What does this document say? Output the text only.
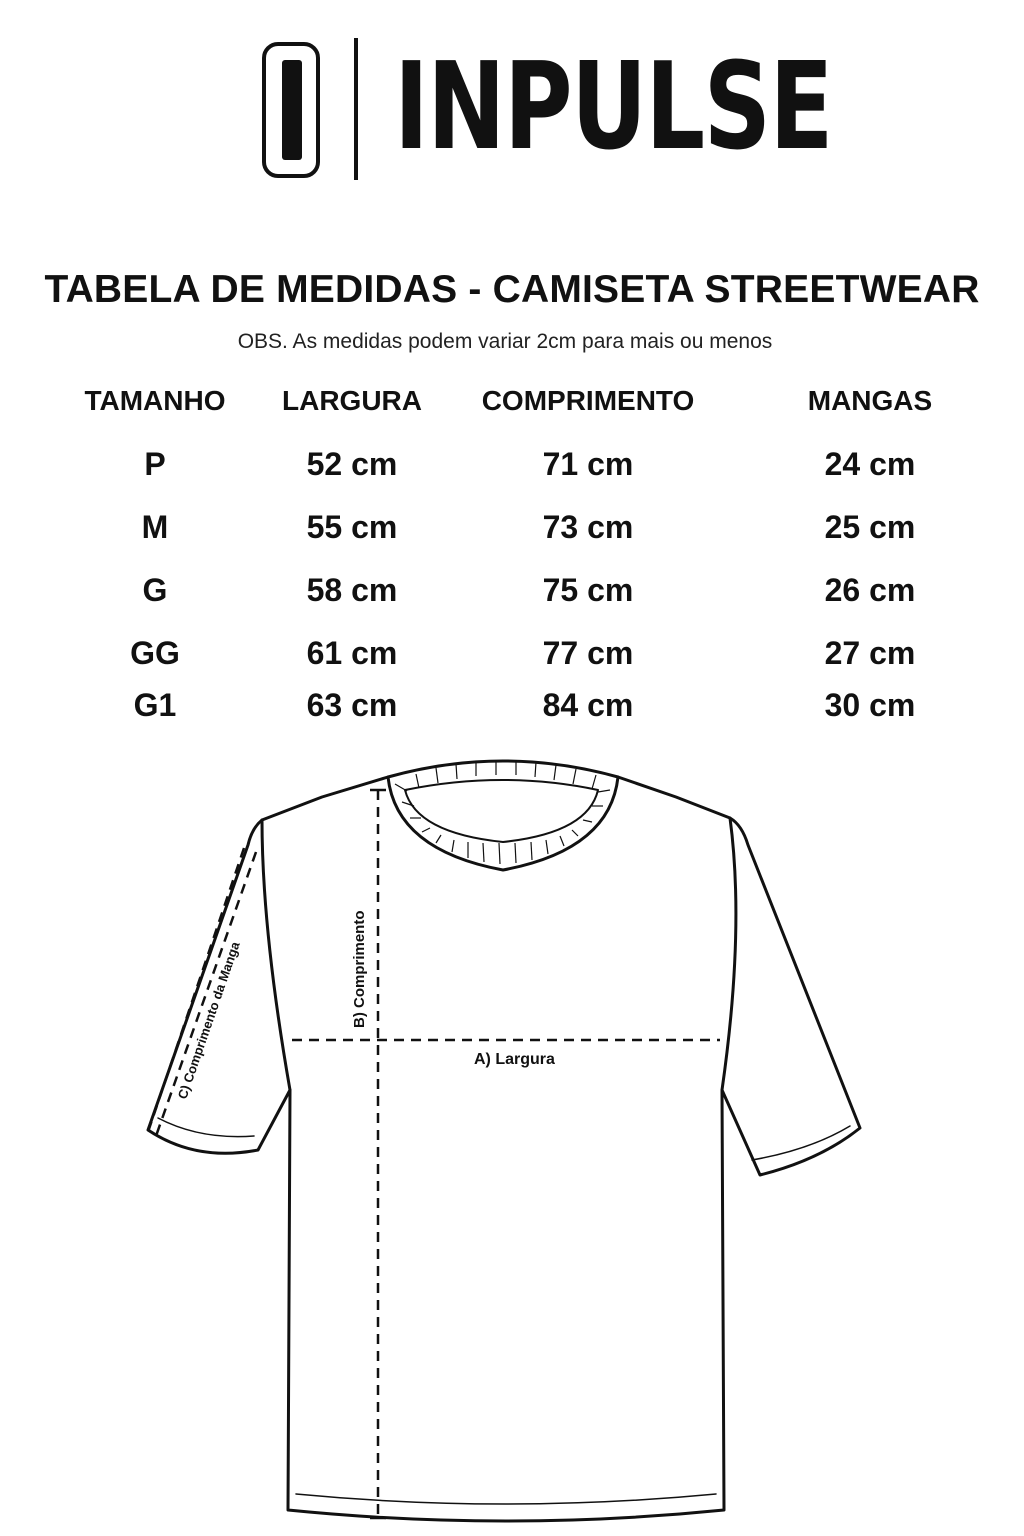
INPULSE
TABELA DE MEDIDAS - CAMISETA STREETWEAR
OBS. As medidas podem variar 2cm para mais ou menos
TAMANHO	LARGURA	COMPRIMENTO	MANGAS
P	52 cm	71 cm	24 cm
M	55 cm	73 cm	25 cm
G	58 cm	75 cm	26 cm
GG	61 cm	77 cm	27 cm
G1	63 cm	84 cm	30 cm
A) Largura
B) Comprimento
C) Comprimento da Manga
